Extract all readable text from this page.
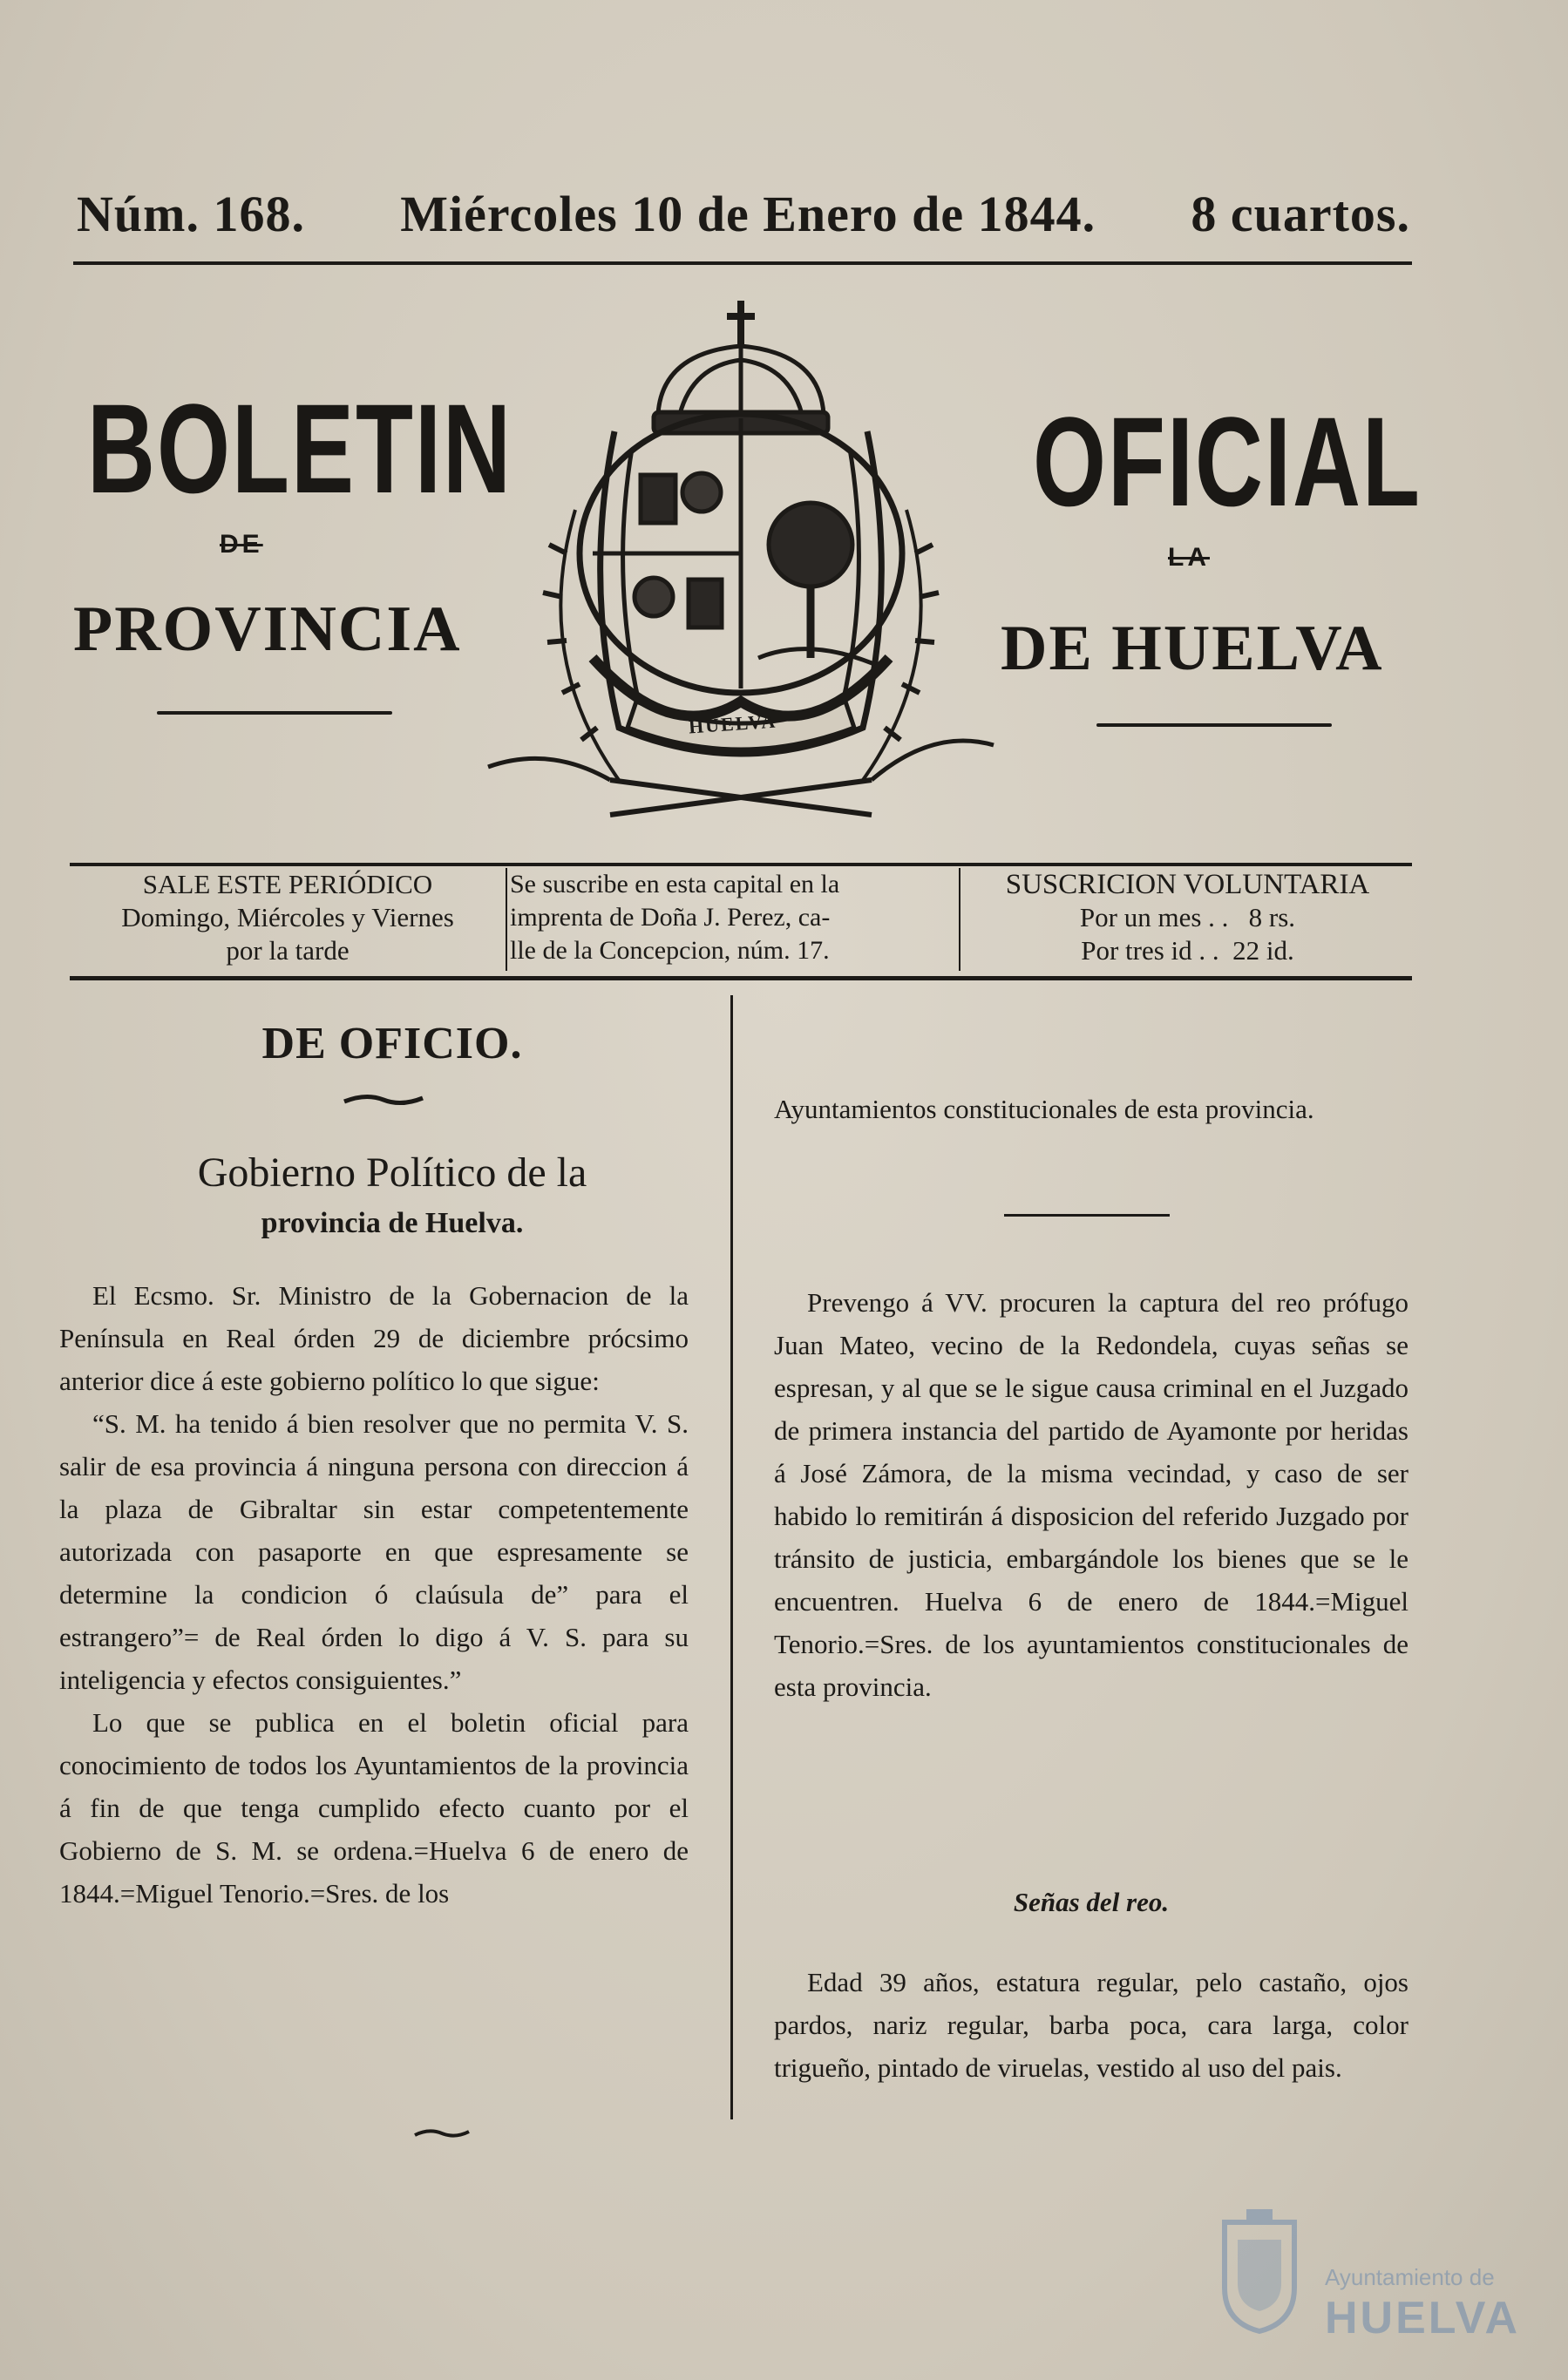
Núm. 168. Miércoles 10 de Enero de 1844. 8 cuartos.
BOLETIN	OFICIAL
DE	LA
PROVINCIA	DE HUELVA
HUELVA
SALE ESTE PERIÓDICO
Domingo, Miércoles y Viernes
por la tarde
Se suscribe en esta capital en la
imprenta de Doña J. Perez, ca-
lle de la Concepcion, núm. 17.
SUSCRICION VOLUNTARIA
Por un mes . .   8 rs.
Por tres id . .  22 id.
DE OFICIO.
Gobierno Político de la
provincia de Huelva.

El Ecsmo. Sr. Ministro de la Gobernacion de la Península en Real órden 29 de diciembre prócsimo anterior dice á este gobierno político lo que sigue:

“S. M. ha tenido á bien resolver que no permita V. S. salir de esa provincia á ninguna persona con direccion á la plaza de Gibraltar sin estar competentemente autorizada con pasaporte en que espresamente se determine la condicion ó claúsula de” para el estrangero”= de Real órden lo digo á V. S. para su inteligencia y efectos consiguientes.”

Lo que se publica en el boletin oficial para conocimiento de todos los Ayuntamientos de la provincia á fin de que tenga cumplido efecto cuanto por el Gobierno de S. M. se ordena.=Huelva 6 de enero de 1844.=Miguel Tenorio.=Sres. de los

Ayuntamientos constitucionales de esta provincia.

Prevengo á VV. procuren la captura del reo prófugo Juan Mateo, vecino de la Redondela, cuyas señas se espresan, y al que se le sigue causa criminal en el Juzgado de primera instancia del partido de Ayamonte por heridas á José Zámora, de la misma vecindad, y caso de ser habido lo remitirán á disposicion del referido Juzgado por tránsito de justicia, embargándole los bienes que se le encuentren. Huelva 6 de enero de 1844.=Miguel Tenorio.=Sres. de los ayuntamientos constitucionales de esta provincia.

Señas del reo.

Edad 39 años, estatura regular, pelo castaño, ojos pardos, nariz regular, barba poca, cara larga, color trigueño, pintado de viruelas, vestido al uso del pais.

Ayuntamiento de
HUELVA
